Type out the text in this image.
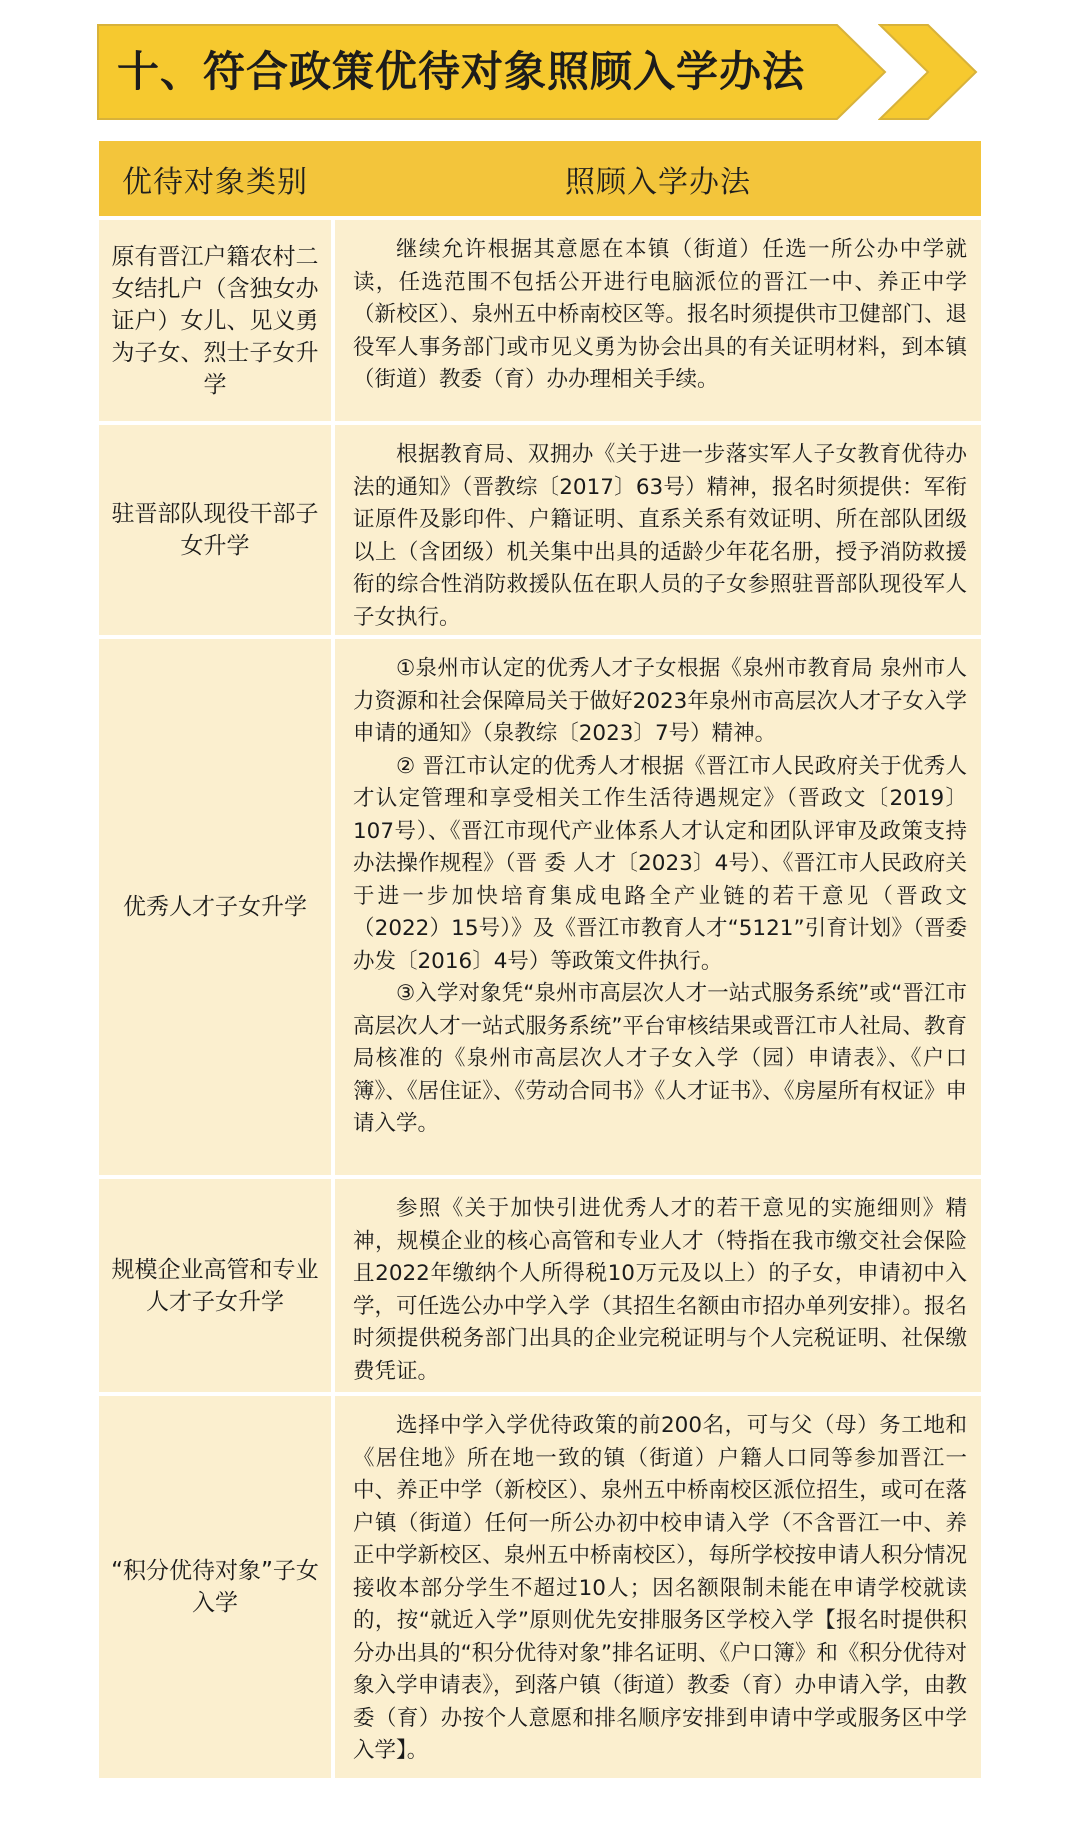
十、符合政策优待对象照顾入学办法
优待对象类别	照顾入学办法
原有晋江户籍农村二女结扎户（含独女办证户）女儿、见义勇为子女、烈士子女升学

继续允许根据其意愿在本镇（街道）任选一所公办中学就读，任选范围不包括公开进行电脑派位的晋江一中、养正中学（新校区）、泉州五中桥南校区等。报名时须提供市卫健部门、退役军人事务部门或市见义勇为协会出具的有关证明材料，到本镇（街道）教委（育）办办理相关手续。

驻晋部队现役干部子女升学

根据教育局、双拥办《关于进一步落实军人子女教育优待办法的通知》（晋教综〔2017〕63号）精神，报名时须提供：军衔证原件及影印件、户籍证明、直系关系有效证明、所在部队团级以上（含团级）机关集中出具的适龄少年花名册，授予消防救援衔的综合性消防救援队伍在职人员的子女参照驻晋部队现役军人子女执行。

优秀人才子女升学

①泉州市认定的优秀人才子女根据《泉州市教育局 泉州市人力资源和社会保障局关于做好2023年泉州市高层次人才子女入学申请的通知》（泉教综〔2023〕7号）精神。

② 晋江市认定的优秀人才根据《晋江市人民政府关于优秀人才认定管理和享受相关工作生活待遇规定》（晋政文〔2019〕107号）、《晋江市现代产业体系人才认定和团队评审及政策支持办法操作规程》（晋 委 人才〔2023〕4号）、《晋江市人民政府关于进一步加快培育集成电路全产业链的若干意见（晋政文（2022）15号）》及《晋江市教育人才“5121”引育计划》（晋委办发〔2016〕4号）等政策文件执行。

③入学对象凭“泉州市高层次人才一站式服务系统”或“晋江市高层次人才一站式服务系统”平台审核结果或晋江市人社局、教育局核准的《泉州市高层次人才子女入学（园）申请表》、《户口簿》、《居住证》、《劳动合同书》《人才证书》、《房屋所有权证》申请入学。

规模企业高管和专业人才子女升学

参照《关于加快引进优秀人才的若干意见的实施细则》精神，规模企业的核心高管和专业人才（特指在我市缴交社会保险且2022年缴纳个人所得税10万元及以上）的子女，申请初中入学，可任选公办中学入学（其招生名额由市招办单列安排）。报名时须提供税务部门出具的企业完税证明与个人完税证明、社保缴费凭证。

“积分优待对象”子女入学

选择中学入学优待政策的前200名，可与父（母）务工地和《居住地》所在地一致的镇（街道）户籍人口同等参加晋江一中、养正中学（新校区）、泉州五中桥南校区派位招生，或可在落户镇（街道）任何一所公办初中校申请入学（不含晋江一中、养正中学新校区、泉州五中桥南校区），每所学校按申请人积分情况接收本部分学生不超过10人；因名额限制未能在申请学校就读的，按“就近入学”原则优先安排服务区学校入学【报名时提供积分办出具的“积分优待对象”排名证明、《户口簿》和《积分优待对象入学申请表》，到落户镇（街道）教委（育）办申请入学，由教委（育）办按个人意愿和排名顺序安排到申请中学或服务区中学入学】。
